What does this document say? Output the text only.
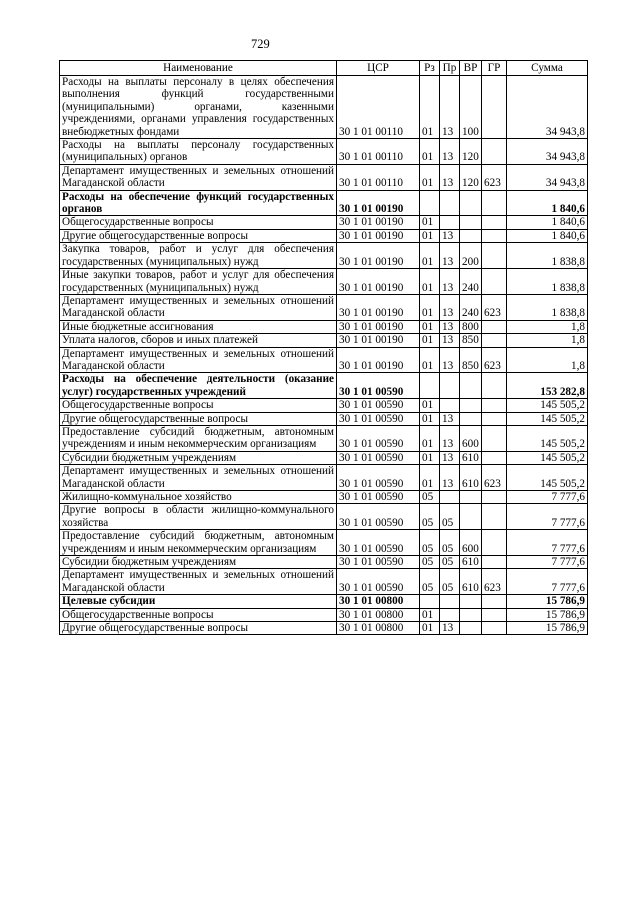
729
Наименование	ЦСР	Рз	Пр	ВР	ГР	Сумма
Расходы на выплаты персоналу в целях обеспечения выполнения функций государственными (муниципальными) органами, казенными учреждениями, органами управления государственных внебюджетных фондами	30 1 01 00110	01	13	100		34 943,8
Расходы на выплаты персоналу государственных (муниципальных) органов	30 1 01 00110	01	13	120		34 943,8
Департамент имущественных и земельных отношений Магаданской области	30 1 01 00110	01	13	120	623	34 943,8
Расходы на обеспечение функций государственных органов	30 1 01 00190					1 840,6
Общегосударственные вопросы	30 1 01 00190	01				1 840,6
Другие общегосударственные вопросы	30 1 01 00190	01	13			1 840,6
Закупка товаров, работ и услуг для обеспечения государственных (муниципальных) нужд	30 1 01 00190	01	13	200		1 838,8
Иные закупки товаров, работ и услуг для обеспечения государственных (муниципальных) нужд	30 1 01 00190	01	13	240		1 838,8
Департамент имущественных и земельных отношений Магаданской области	30 1 01 00190	01	13	240	623	1 838,8
Иные бюджетные ассигнования	30 1 01 00190	01	13	800		1,8
Уплата налогов, сборов и иных платежей	30 1 01 00190	01	13	850		1,8
Департамент имущественных и земельных отношений Магаданской области	30 1 01 00190	01	13	850	623	1,8
Расходы на обеспечение деятельности (оказание услуг) государственных учреждений	30 1 01 00590					153 282,8
Общегосударственные вопросы	30 1 01 00590	01				145 505,2
Другие общегосударственные вопросы	30 1 01 00590	01	13			145 505,2
Предоставление субсидий бюджетным, автономным учреждениям и иным некоммерческим организациям	30 1 01 00590	01	13	600		145 505,2
Субсидии бюджетным учреждениям	30 1 01 00590	01	13	610		145 505,2
Департамент имущественных и земельных отношений Магаданской области	30 1 01 00590	01	13	610	623	145 505,2
Жилищно-коммунальное хозяйство	30 1 01 00590	05				7 777,6
Другие вопросы в области жилищно-коммунального хозяйства	30 1 01 00590	05	05			7 777,6
Предоставление субсидий бюджетным, автономным учреждениям и иным некоммерческим организациям	30 1 01 00590	05	05	600		7 777,6
Субсидии бюджетным учреждениям	30 1 01 00590	05	05	610		7 777,6
Департамент имущественных и земельных отношений Магаданской области	30 1 01 00590	05	05	610	623	7 777,6
Целевые субсидии	30 1 01 00800					15 786,9
Общегосударственные вопросы	30 1 01 00800	01				15 786,9
Другие общегосударственные вопросы	30 1 01 00800	01	13			15 786,9
